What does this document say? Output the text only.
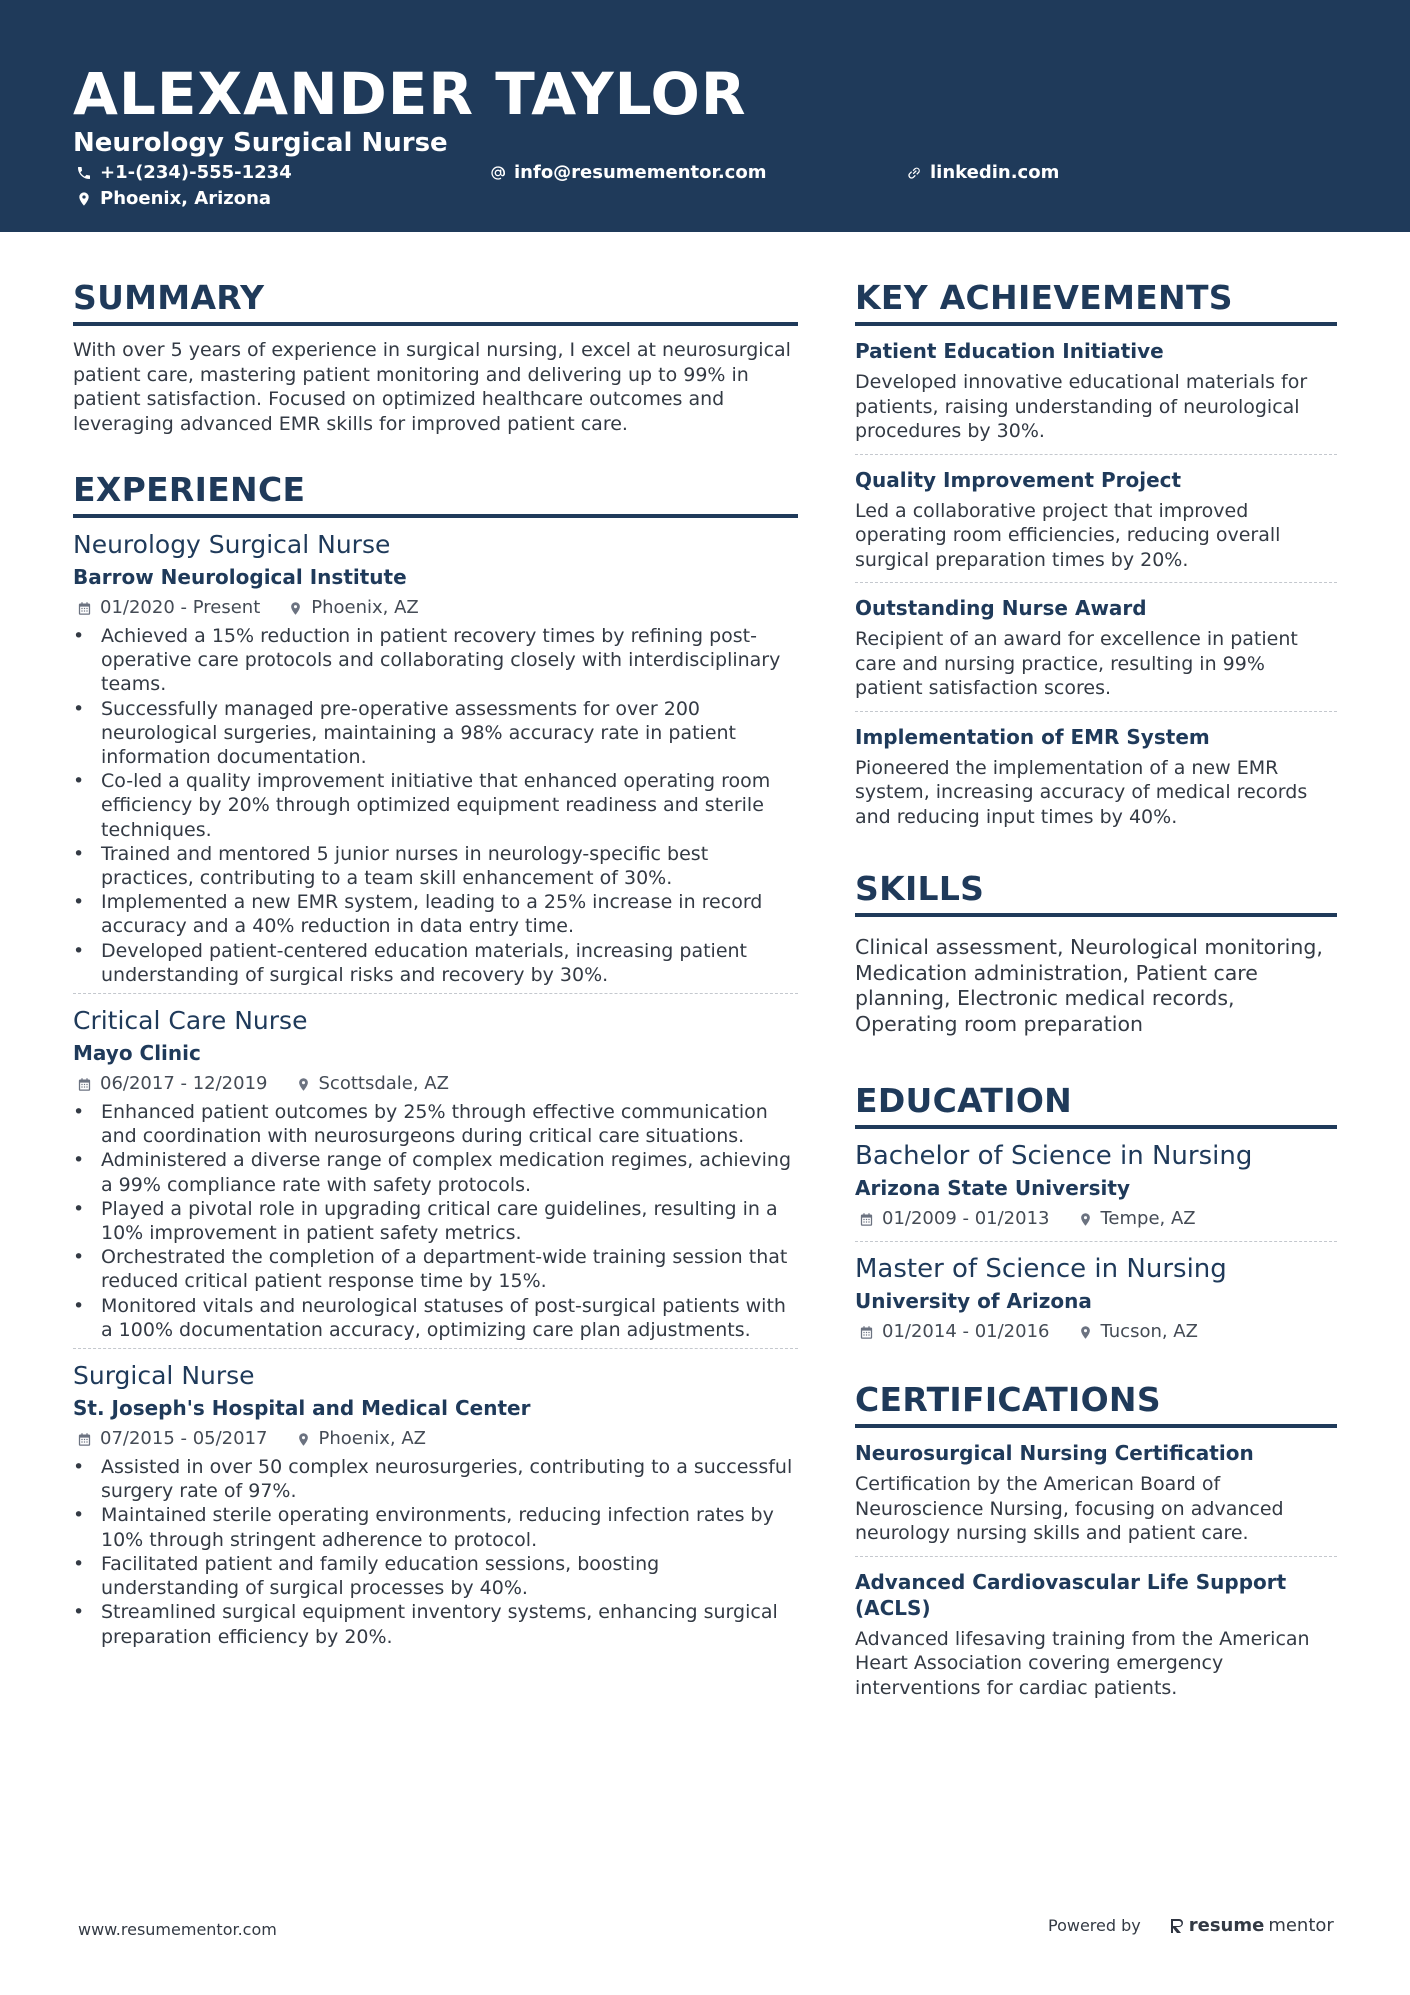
ALEXANDER TAYLOR
Neurology Surgical Nurse
+1-(234)-555-1234	info@resumementor.com	linkedin.com
Phoenix, Arizona
SUMMARY
With over 5 years of experience in surgical nursing, I excel at neurosurgical patient care, mastering patient monitoring and delivering up to 99% in patient satisfaction. Focused on optimized healthcare outcomes and leveraging advanced EMR skills for improved patient care.
EXPERIENCE
Neurology Surgical Nurse
Barrow Neurological Institute
01/2020 - Present	Phoenix, AZ
• Achieved a 15% reduction in patient recovery times by refining post-operative care protocols and collaborating closely with interdisciplinary teams.
• Successfully managed pre-operative assessments for over 200 neurological surgeries, maintaining a 98% accuracy rate in patient information documentation.
• Co-led a quality improvement initiative that enhanced operating room efficiency by 20% through optimized equipment readiness and sterile techniques.
• Trained and mentored 5 junior nurses in neurology-specific best practices, contributing to a team skill enhancement of 30%.
• Implemented a new EMR system, leading to a 25% increase in record accuracy and a 40% reduction in data entry time.
• Developed patient-centered education materials, increasing patient understanding of surgical risks and recovery by 30%.
Critical Care Nurse
Mayo Clinic
06/2017 - 12/2019	Scottsdale, AZ
• Enhanced patient outcomes by 25% through effective communication and coordination with neurosurgeons during critical care situations.
• Administered a diverse range of complex medication regimes, achieving a 99% compliance rate with safety protocols.
• Played a pivotal role in upgrading critical care guidelines, resulting in a 10% improvement in patient safety metrics.
• Orchestrated the completion of a department-wide training session that reduced critical patient response time by 15%.
• Monitored vitals and neurological statuses of post-surgical patients with a 100% documentation accuracy, optimizing care plan adjustments.
Surgical Nurse
St. Joseph's Hospital and Medical Center
07/2015 - 05/2017	Phoenix, AZ
• Assisted in over 50 complex neurosurgeries, contributing to a successful surgery rate of 97%.
• Maintained sterile operating environments, reducing infection rates by 10% through stringent adherence to protocol.
• Facilitated patient and family education sessions, boosting understanding of surgical processes by 40%.
• Streamlined surgical equipment inventory systems, enhancing surgical preparation efficiency by 20%.
KEY ACHIEVEMENTS
Patient Education Initiative
Developed innovative educational materials for patients, raising understanding of neurological procedures by 30%.
Quality Improvement Project
Led a collaborative project that improved operating room efficiencies, reducing overall surgical preparation times by 20%.
Outstanding Nurse Award
Recipient of an award for excellence in patient care and nursing practice, resulting in 99% patient satisfaction scores.
Implementation of EMR System
Pioneered the implementation of a new EMR system, increasing accuracy of medical records and reducing input times by 40%.
SKILLS
Clinical assessment, Neurological monitoring, Medication administration, Patient care planning, Electronic medical records, Operating room preparation
EDUCATION
Bachelor of Science in Nursing
Arizona State University
01/2009 - 01/2013	Tempe, AZ
Master of Science in Nursing
University of Arizona
01/2014 - 01/2016	Tucson, AZ
CERTIFICATIONS
Neurosurgical Nursing Certification
Certification by the American Board of Neuroscience Nursing, focusing on advanced neurology nursing skills and patient care.
Advanced Cardiovascular Life Support (ACLS)
Advanced lifesaving training from the American Heart Association covering emergency interventions for cardiac patients.
www.resumementor.com	Powered by	resume mentor
